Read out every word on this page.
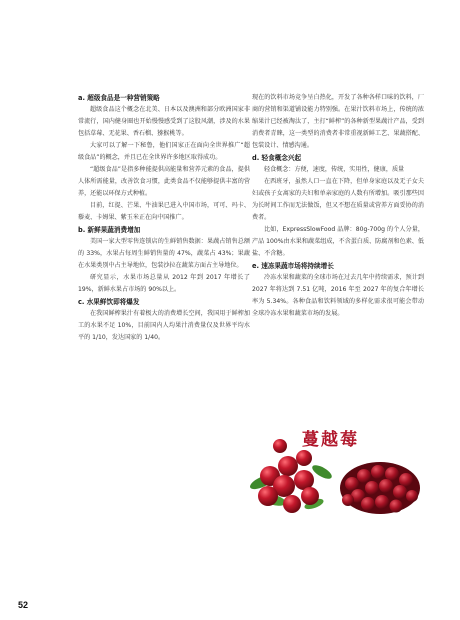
a. 超级食品是一种营销策略

超级食品这个概念在北美、日本以及澳洲和部分欧洲国家非常流行，国内健身圈也开始慢慢感受到了这股风潮，涉及的水果包括草莓、无花果、香石榴、猕猴桃等。

大家可以了解一下秘鲁，他们国家正在面向全世界推广“超级食品”的概念，并且已在全世界许多地区取得成功。

“超级食品”是指多种能提供高能量和营养元素的食品，提供人体所需能量，改善饮食习惯，此类食品不仅能够提供丰富的营养，还能以环保方式种植。

目前，红提、芒果、牛油果已进入中国市场，可可、玛卡、藜麦、卡姆果、紫玉米正在向中国推广。

b. 新鲜果蔬消费增加

美国一家大型零售连锁店的生鲜销售数据：果蔬占销售总额的 33%，水果占每周生鲜销售量的 47%，蔬菜占 43%；果蔬在水果类别中占主导地位，包装沙拉在蔬菜方面占主导地位。

研究显示，水果市场总量从 2012 年到 2017 年增长了 19%，新鲜水果占市场的 90%以上。

c. 水果鲜饮即将爆发

在我国鲜榨果汁有着极大的消费增长空间，我国用于鲜榨加工的水果不足 10%，目前国内人均果汁消费量仅及世界平均水平的 1/10，发达国家的 1/40。

现在的饮料市场竞争呈白热化，开发了各种各样口味的饮料，厂商的营销和渠道铺设能力特别强。在果汁饮料市场上，传统的浓缩果汁已经被淘汰了，主打“鲜榨”的各种新型果蔬汁产品，受到消费者青睐，这一类型的消费者非常重视新鲜工艺、果蔬搭配、包装设计、情感沟通。

d. 轻食概念兴起

轻食概念：方便，速度，传统，实用性，健康，质量

在西班牙，虽然人口一直在下降，但单身家庭以及无子女夫妇或孩子女离家的夫妇和单亲家庭的人数有所增加。吸引那些因为长时间工作而无法做饭，但又不想在质量或营养方面妥协的消费者。

比如，ExpressSlowFood 品牌：80g-700g 的个人分量，产品 100%由水果和蔬菜组成，不含蛋白质、防腐剂和色素、低盐、不含糖。

e. 速冻果蔬市场将持续增长

冷冻水果和蔬菜的全球市场在过去几年中持续需求，预计到 2027 年将达到 7.51 亿吨，2016 年至 2027 年的复合年增长率为 5.34%。各种食品和饮料领域的多样化需求很可能会带动全球冷冻水果和蔬菜市场的发展。

蔓越莓
52
